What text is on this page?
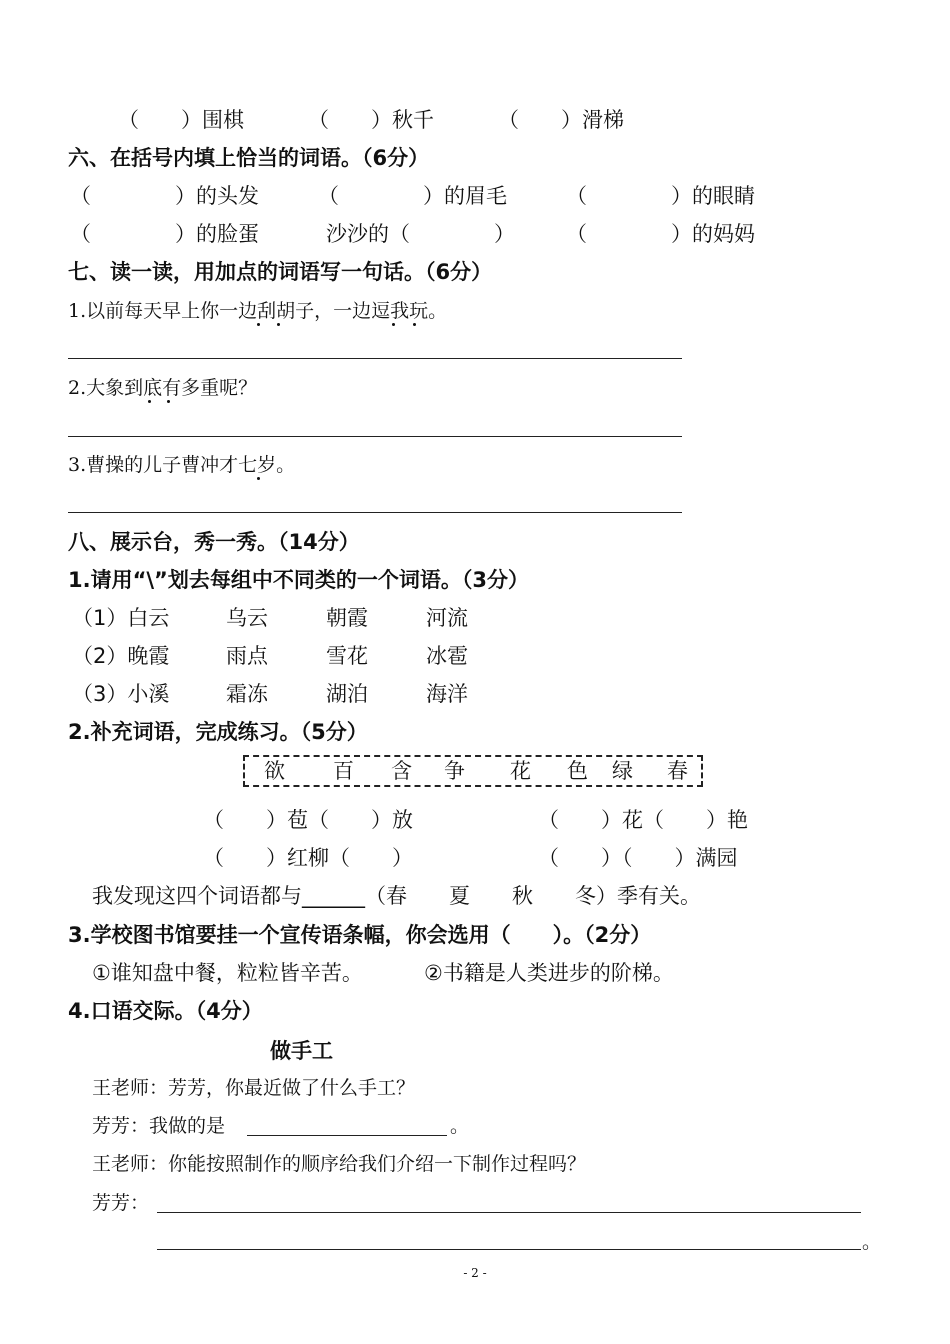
（　　）围棋	（　　）秋千	（　　）滑梯
六、在括号内填上恰当的词语。（6分）
（　　　　）的头发	（　　　　）的眉毛	（　　　　）的眼睛
（　　　　）的脸蛋	沙沙的（　　　　） （　　　　）的妈妈
七、读一读，用加点的词语写一句话。（6分）
1.以前每天早上你一边刮胡子，一边逗我玩。
2.大象到底有多重呢？
3.曹操的儿子曹冲才七岁。
八、展示台，秀一秀。（14分）
1.请用“\”划去每组中不同类的一个词语。（3分）
（1）白云	乌云	朝霞	河流
（2）晚霞	雨点	雪花	冰雹
（3）小溪	霜冻	湖泊	海洋
2.补充词语，完成练习。（5分）
欲 百 含 争 花 色 绿 春
（　　）苞（　　）放	（　　）花（　　）艳
（　　）红柳（　　）	（　　）（　　）满园
我发现这四个词语都与______（春　　夏　　秋　　冬）季有关。
3.学校图书馆要挂一个宣传语条幅，你会选用（　　）。（2分）
①谁知盘中餐，粒粒皆辛苦。	②书籍是人类进步的阶梯。
4.口语交际。（4分）
做手工
王老师：芳芳，你最近做了什么手工？
芳芳：我做的是	。
王老师：你能按照制作的顺序给我们介绍一下制作过程吗？
芳芳：
。
- 2 -
